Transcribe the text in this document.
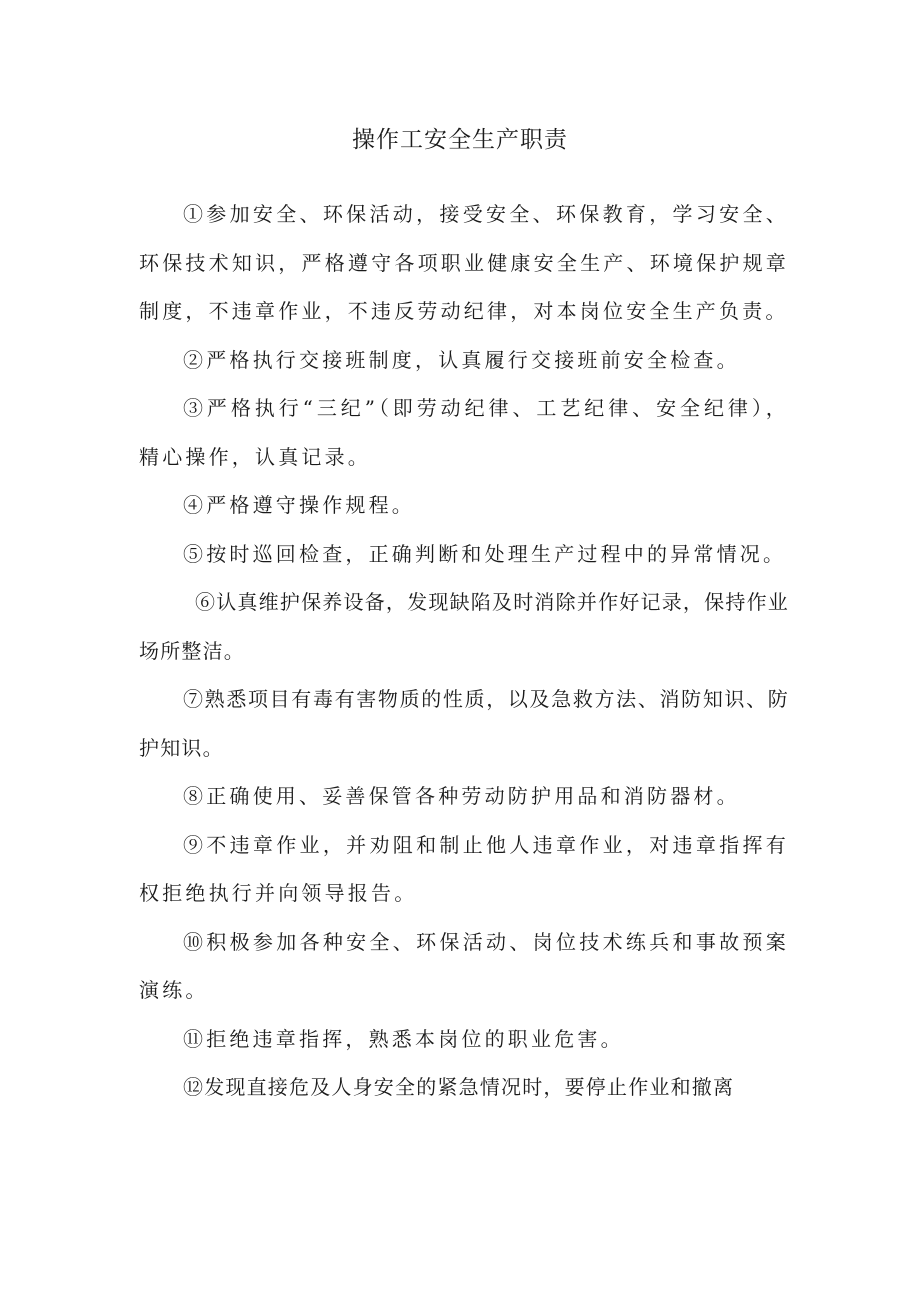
操作工安全生产职责

①参加安全、环保活动，接受安全、环保教育，学习安全、环保技术知识，严格遵守各项职业健康安全生产、环境保护规章制度，不违章作业，不违反劳动纪律，对本岗位安全生产负责。

②严格执行交接班制度，认真履行交接班前安全检查。

③严格执行“三纪”（即劳动纪律、工艺纪律、安全纪律），精心操作，认真记录。

④严格遵守操作规程。

⑤按时巡回检查，正确判断和处理生产过程中的异常情况。

⑥认真维护保养设备，发现缺陷及时消除并作好记录，保持作业场所整洁。

⑦熟悉项目有毒有害物质的性质，以及急救方法、消防知识、防护知识。

⑧正确使用、妥善保管各种劳动防护用品和消防器材。

⑨不违章作业，并劝阻和制止他人违章作业，对违章指挥有权拒绝执行并向领导报告。

⑩积极参加各种安全、环保活动、岗位技术练兵和事故预案演练。

⑪拒绝违章指挥，熟悉本岗位的职业危害。

⑫发现直接危及人身安全的紧急情况时，要停止作业和撤离
